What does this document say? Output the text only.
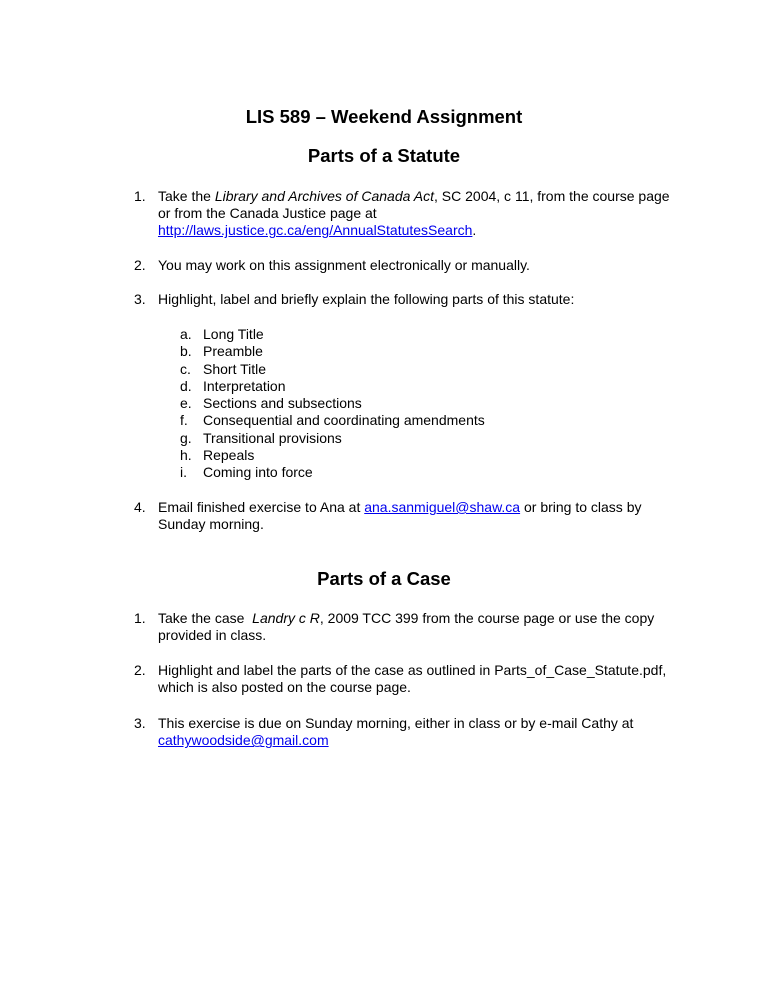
LIS 589 – Weekend Assignment
Parts of a Statute
1. Take the Library and Archives of Canada Act, SC 2004, c 11, from the course page or from the Canada Justice page at http://laws.justice.gc.ca/eng/AnnualStatutesSearch.
2. You may work on this assignment electronically or manually.
3. Highlight, label and briefly explain the following parts of this statute:
a. Long Title
b. Preamble
c. Short Title
d. Interpretation
e. Sections and subsections
f. Consequential and coordinating amendments
g. Transitional provisions
h. Repeals
i. Coming into force
4. Email finished exercise to Ana at ana.sanmiguel@shaw.ca or bring to class by Sunday morning.
Parts of a Case
1. Take the case  Landry c R, 2009 TCC 399 from the course page or use the copy provided in class.
2. Highlight and label the parts of the case as outlined in Parts_of_Case_Statute.pdf, which is also posted on the course page.
3. This exercise is due on Sunday morning, either in class or by e-mail Cathy at cathywoodside@gmail.com
